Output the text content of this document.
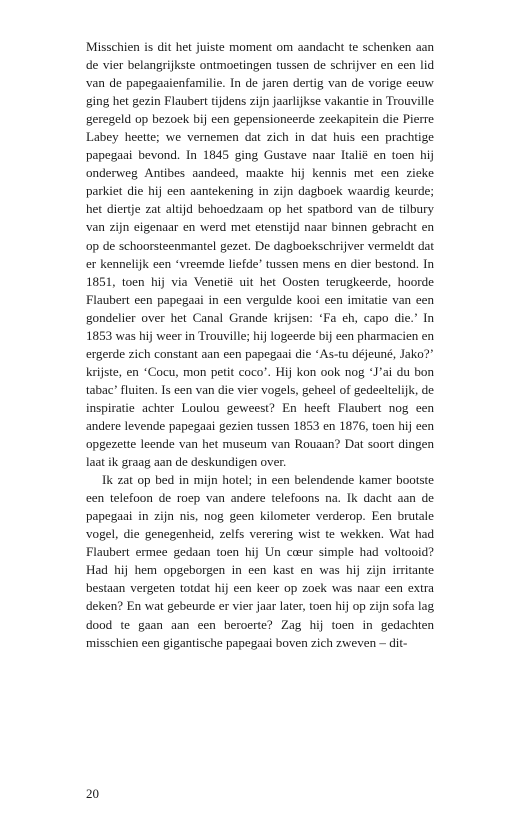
Misschien is dit het juiste moment om aandacht te schenken aan de vier belangrijkste ontmoetingen tussen de schrijver en een lid van de papegaaienfamilie. In de jaren dertig van de vorige eeuw ging het gezin Flaubert tijdens zijn jaarlijkse vakantie in Trouville geregeld op bezoek bij een gepensioneerde zeekapitein die Pierre Labey heette; we vernemen dat zich in dat huis een prachtige papegaai bevond. In 1845 ging Gustave naar Italië en toen hij onderweg Antibes aandeed, maakte hij kennis met een zieke parkiet die hij een aantekening in zijn dagboek waardig keurde; het diertje zat altijd behoedzaam op het spatbord van de tilbury van zijn eigenaar en werd met etenstijd naar binnen gebracht en op de schoorsteenmantel gezet. De dagboekschrijver vermeldt dat er kennelijk een ‘vreemde liefde’ tussen mens en dier bestond. In 1851, toen hij via Venetië uit het Oosten terugkeerde, hoorde Flaubert een papegaai in een vergulde kooi een imitatie van een gondelier over het Canal Grande krijsen: ‘Fa eh, capo die.’ In 1853 was hij weer in Trouville; hij logeerde bij een pharmacien en ergerde zich constant aan een papegaai die ‘As-tu déjeuné, Jako?’ krijste, en ‘Cocu, mon petit coco’. Hij kon ook nog ‘J’ai du bon tabac’ fluiten. Is een van die vier vogels, geheel of gedeeltelijk, de inspiratie achter Loulou geweest? En heeft Flaubert nog een andere levende papegaai gezien tussen 1853 en 1876, toen hij een opgezette leende van het museum van Rouaan? Dat soort dingen laat ik graag aan de deskundigen over.

Ik zat op bed in mijn hotel; in een belendende kamer bootste een telefoon de roep van andere telefoons na. Ik dacht aan de papegaai in zijn nis, nog geen kilometer verderop. Een brutale vogel, die genegenheid, zelfs verering wist te wekken. Wat had Flaubert ermee gedaan toen hij Un cœur simple had voltooid? Had hij hem opgeborgen in een kast en was hij zijn irritante bestaan vergeten totdat hij een keer op zoek was naar een extra deken? En wat gebeurde er vier jaar later, toen hij op zijn sofa lag dood te gaan aan een beroerte? Zag hij toen in gedachten misschien een gigantische papegaai boven zich zweven – dit-

20
